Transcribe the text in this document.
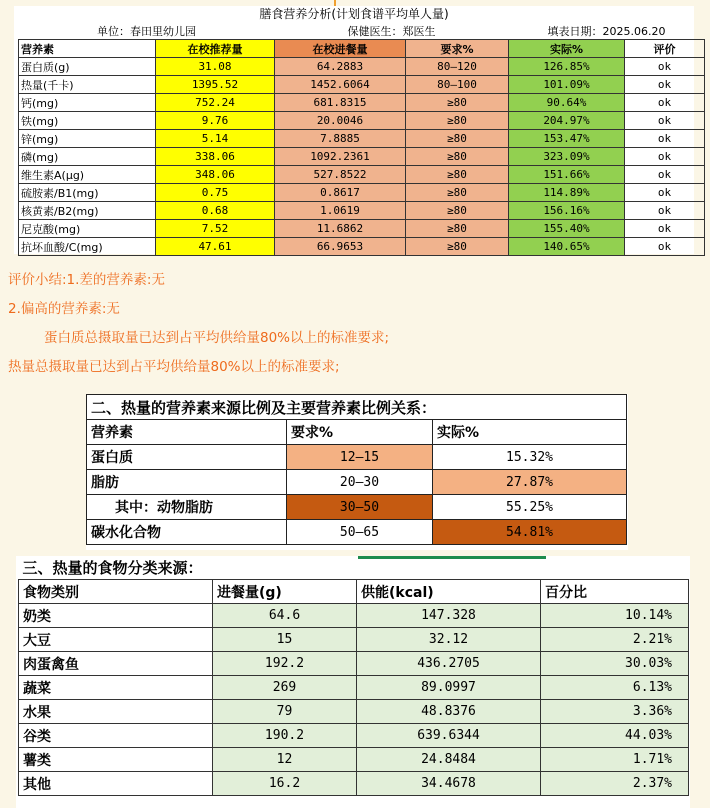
膳食营养分析(计划食谱平均单人量)
单位：春田里幼儿园		保健医生：郑医生		填表日期：2025.06.20	
营养素	在校推荐量	在校进餐量	要求%	实际%	评价
蛋白质(g)	31.08	64.2883	80—120	126.85%	ok
热量(千卡)	1395.52	1452.6064	80—100	101.09%	ok
钙(mg)	752.24	681.8315	≥80	90.64%	ok
铁(mg)	9.76	20.0046	≥80	204.97%	ok
锌(mg)	5.14	7.8885	≥80	153.47%	ok
磷(mg)	338.06	1092.2361	≥80	323.09%	ok
维生素A(μg)	348.06	527.8522	≥80	151.66%	ok
硫胺素/B1(mg)	0.75	0.8617	≥80	114.89%	ok
核黄素/B2(mg)	0.68	1.0619	≥80	156.16%	ok
尼克酸(mg)	7.52	11.6862	≥80	155.40%	ok
抗坏血酸/C(mg)	47.61	66.9653	≥80	140.65%	ok
评价小结:1.差的营养素:无
2.偏高的营养素:无
蛋白质总摄取量已达到占平均供给量80%以上的标准要求;
热量总摄取量已达到占平均供给量80%以上的标准要求;
二、热量的营养素来源比例及主要营养素比例关系：		
营养素	要求%	实际%
蛋白质	12—15	15.32%
脂肪	20—30	27.87%
其中：动物脂肪	30—50	55.25%
碳水化合物	50—65	54.81%
三、热量的食物分类来源：			
食物类别	进餐量(g)	供能(kcal)	百分比
奶类	64.6	147.328	10.14%
大豆	15	32.12	2.21%
肉蛋禽鱼	192.2	436.2705	30.03%
蔬菜	269	89.0997	6.13%
水果	79	48.8376	3.36%
谷类	190.2	639.6344	44.03%
薯类	12	24.8484	1.71%
其他	16.2	34.4678	2.37%
